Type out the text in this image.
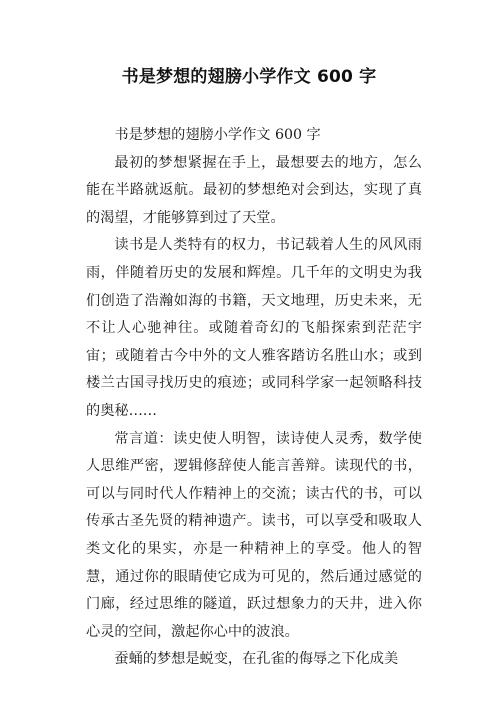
书是梦想的翅膀小学作文 600 字

书是梦想的翅膀小学作文 600 字

最初的梦想紧握在手上，最想要去的地方，怎么能在半路就返航。最初的梦想绝对会到达，实现了真的渴望，才能够算到过了天堂。

读书是人类特有的权力，书记载着人生的风风雨雨，伴随着历史的发展和辉煌。几千年的文明史为我们创造了浩瀚如海的书籍，天文地理，历史未来，无不让人心驰神往。或随着奇幻的飞船探索到茫茫宇宙；或随着古今中外的文人雅客踏访名胜山水；或到楼兰古国寻找历史的痕迹；或同科学家一起领略科技的奥秘……

常言道：读史使人明智，读诗使人灵秀，数学使人思维严密，逻辑修辞使人能言善辩。读现代的书，可以与同时代人作精神上的交流；读古代的书，可以传承古圣先贤的精神遗产。读书，可以享受和吸取人类文化的果实，亦是一种精神上的享受。他人的智慧，通过你的眼睛使它成为可见的，然后通过感觉的门廊，经过思维的隧道，跃过想象力的天井，进入你心灵的空间，激起你心中的波浪。

蚕蛹的梦想是蜕变，在孔雀的侮辱之下化成美
